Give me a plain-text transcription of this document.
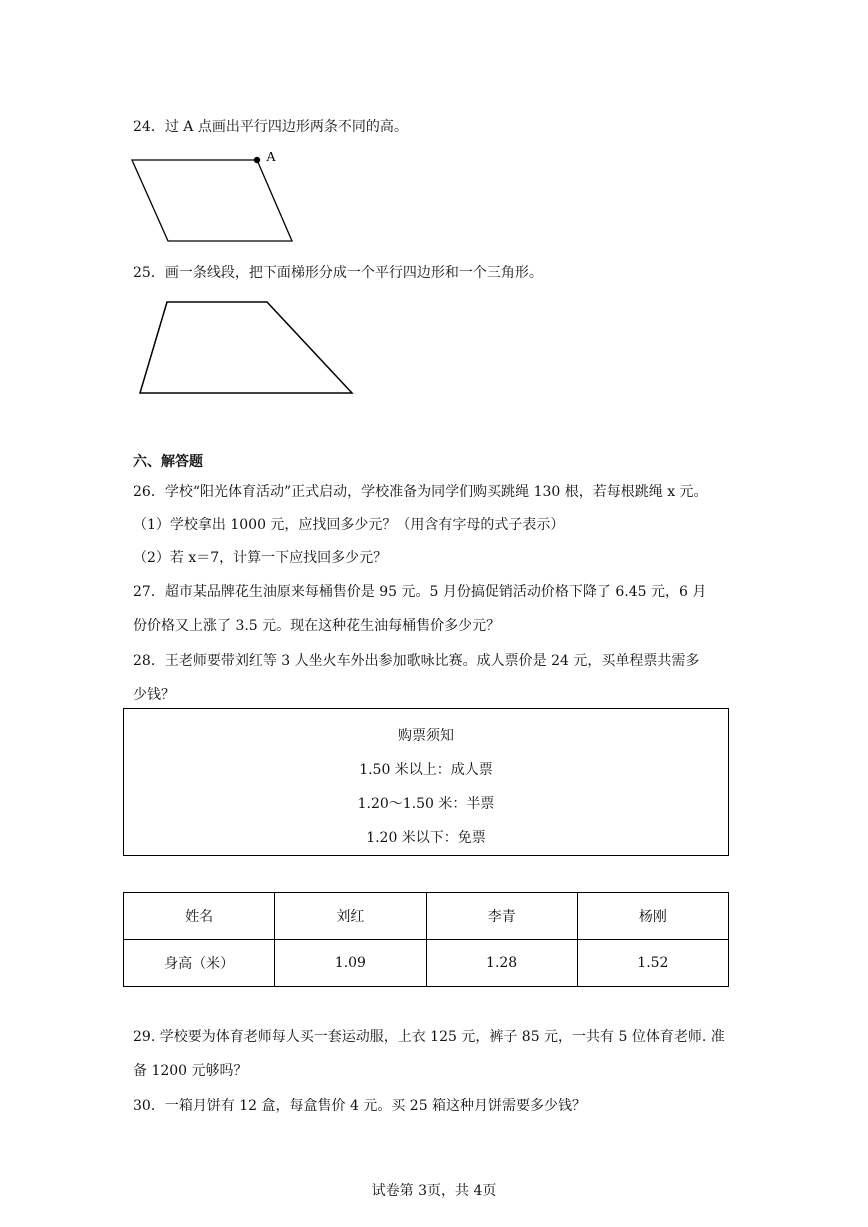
24．过 A 点画出平行四边形两条不同的高。
A
25．画一条线段，把下面梯形分成一个平行四边形和一个三角形。
六、解答题
26．学校“阳光体育活动”正式启动，学校准备为同学们购买跳绳 130 根，若每根跳绳 x 元。
（1）学校拿出 1000 元，应找回多少元？（用含有字母的式子表示）
（2）若 x＝7，计算一下应找回多少元？
27．超市某品牌花生油原来每桶售价是 95 元。5 月份搞促销活动价格下降了 6.45 元，6 月
份价格又上涨了 3.5 元。现在这种花生油每桶售价多少元？
28．王老师要带刘红等 3 人坐火车外出参加歌咏比赛。成人票价是 24 元，买单程票共需多
少钱？
购票须知
1.50 米以上：成人票
1.20～1.50 米：半票
1.20 米以下：免票
姓名	刘红	李青	杨刚
身高（米）	1.09	1.28	1.52
29. 学校要为体育老师每人买一套运动服，上衣 125 元，裤子 85 元，一共有 5 位体育老师. 准
备 1200 元够吗？
30．一箱月饼有 12 盒，每盒售价 4 元。买 25 箱这种月饼需要多少钱？
试卷第 3页，共 4页
